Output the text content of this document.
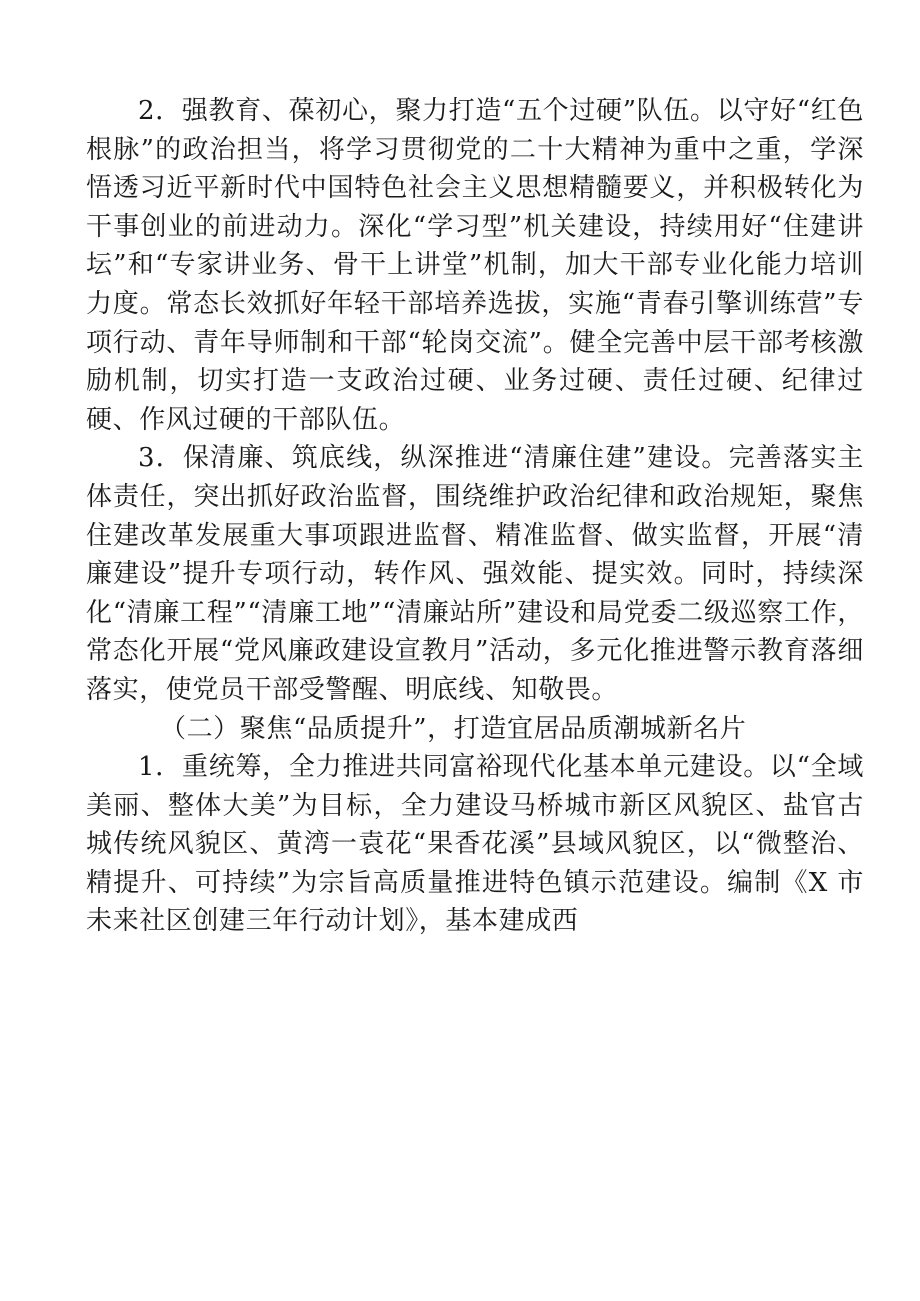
2．强教育、葆初心，聚力打造“五个过硬”队伍。以守好“红色根脉”的政治担当，将学习贯彻党的二十大精神为重中之重，学深悟透习近平新时代中国特色社会主义思想精髓要义，并积极转化为干事创业的前进动力。深化“学习型”机关建设，持续用好“住建讲坛”和“专家讲业务、骨干上讲堂”机制，加大干部专业化能力培训力度。常态长效抓好年轻干部培养选拔，实施“青春引擎训练营”专项行动、青年导师制和干部“轮岗交流”。健全完善中层干部考核激励机制，切实打造一支政治过硬、业务过硬、责任过硬、纪律过硬、作风过硬的干部队伍。

3．保清廉、筑底线，纵深推进“清廉住建”建设。完善落实主体责任，突出抓好政治监督，围绕维护政治纪律和政治规矩，聚焦住建改革发展重大事项跟进监督、精准监督、做实监督，开展“清廉建设”提升专项行动，转作风、强效能、提实效。同时，持续深化“清廉工程”“清廉工地”“清廉站所”建设和局党委二级巡察工作，常态化开展“党风廉政建设宣教月”活动，多元化推进警示教育落细落实，使党员干部受警醒、明底线、知敬畏。

（二）聚焦“品质提升”，打造宜居品质潮城新名片

1．重统筹，全力推进共同富裕现代化基本单元建设。以“全域美丽、整体大美”为目标，全力建设马桥城市新区风貌区、盐官古城传统风貌区、黄湾一袁花“果香花溪”县域风貌区，以“微整治、精提升、可持续”为宗旨高质量推进特色镇示范建设。编制《X 市未来社区创建三年行动计划》，基本建成西
